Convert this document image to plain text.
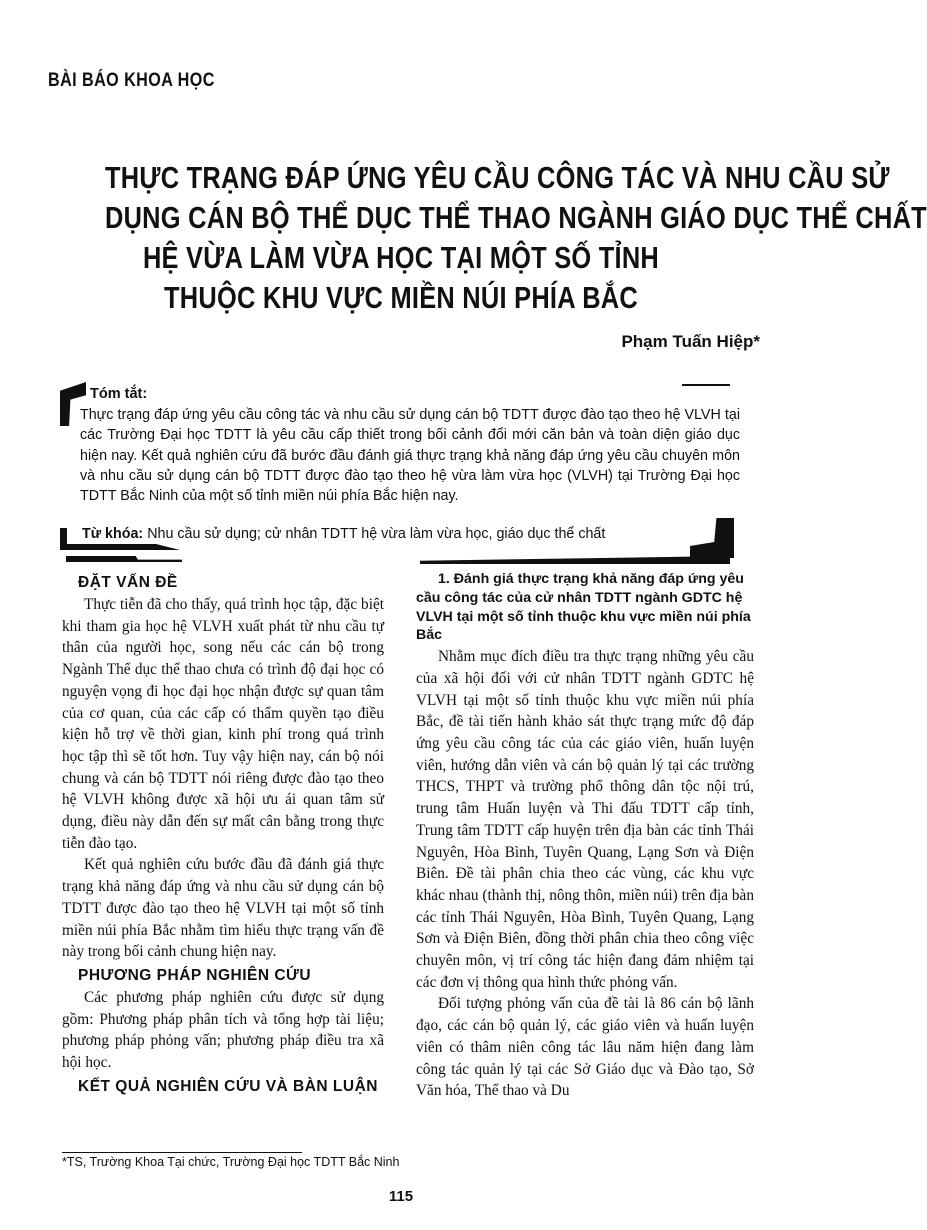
BÀI BÁO KHOA HỌC
THỰC TRẠNG ĐÁP ỨNG YÊU CẦU CÔNG TÁC VÀ NHU CẦU SỬ
DỤNG CÁN BỘ THỂ DỤC THỂ THAO NGÀNH GIÁO DỤC THỂ CHẤT
HỆ VỪA LÀM VỪA HỌC TẠI MỘT SỐ TỈNH
THUỘC KHU VỰC MIỀN NÚI PHÍA BẮC
Phạm Tuấn Hiệp*
Tóm tắt:
Thực trạng đáp ứng yêu cầu công tác và nhu cầu sử dụng cán bộ TDTT được đào tạo theo hệ VLVH tại các Trường Đại học TDTT là yêu cầu cấp thiết trong bối cảnh đổi mới căn bản và toàn diện giáo dục hiện nay. Kết quả nghiên cứu đã bước đầu đánh giá thực trạng khả năng đáp ứng yêu cầu chuyên môn và nhu cầu sử dụng cán bộ TDTT được đào tạo theo hệ vừa làm vừa học (VLVH) tại Trường Đại học TDTT Bắc Ninh của một số tỉnh miền núi phía Bắc hiện nay.
Từ khóa: Nhu cầu sử dụng; cử nhân TDTT hệ vừa làm vừa học, giáo dục thể chất
ĐẶT VẤN ĐỀ

Thực tiễn đã cho thấy, quá trình học tập, đặc biệt khi tham gia học hệ VLVH xuất phát từ nhu cầu tự thân của người học, song nếu các cán bộ trong Ngành Thể dục thể thao chưa có trình độ đại học có nguyện vọng đi học đại học nhận được sự quan tâm của cơ quan, của các cấp có thẩm quyền tạo điều kiện hỗ trợ về thời gian, kinh phí trong quá trình học tập thì sẽ tốt hơn. Tuy vậy hiện nay, cán bộ nói chung và cán bộ TDTT nói riêng được đào tạo theo hệ VLVH không được xã hội ưu ái quan tâm sử dụng, điều này dẫn đến sự mất cân bằng trong thực tiễn đào tạo.

Kết quả nghiên cứu bước đầu đã đánh giá thực trạng khả năng đáp ứng và nhu cầu sử dụng cán bộ TDTT được đào tạo theo hệ VLVH tại một số tỉnh miền núi phía Bắc nhằm tìm hiểu thực trạng vấn đề này trong bối cảnh chung hiện nay.

PHƯƠNG PHÁP NGHIÊN CỨU

Các phương pháp nghiên cứu được sử dụng gồm: Phương pháp phân tích và tổng hợp tài liệu; phương pháp phỏng vấn; phương pháp điều tra xã hội học.

KẾT QUẢ NGHIÊN CỨU VÀ BÀN LUẬN
1. Đánh giá thực trạng khả năng đáp ứng yêu cầu công tác của cử nhân TDTT ngành GDTC hệ VLVH tại một số tỉnh thuộc khu vực miền núi phía Bắc

Nhằm mục đích điều tra thực trạng những yêu cầu của xã hội đối với cử nhân TDTT ngành GDTC hệ VLVH tại một số tỉnh thuộc khu vực miền núi phía Bắc, đề tài tiến hành khảo sát thực trạng mức độ đáp ứng yêu cầu công tác của các giáo viên, huấn luyện viên, hướng dẫn viên và cán bộ quản lý tại các trường THCS, THPT và trường phổ thông dân tộc nội trú, trung tâm Huấn luyện và Thi đấu TDTT cấp tỉnh, Trung tâm TDTT cấp huyện trên địa bàn các tỉnh Thái Nguyên, Hòa Bình, Tuyên Quang, Lạng Sơn và Điện Biên. Đề tài phân chia theo các vùng, các khu vực khác nhau (thành thị, nông thôn, miền núi) trên địa bàn các tỉnh Thái Nguyên, Hòa Bình, Tuyên Quang, Lạng Sơn và Điện Biên, đồng thời phân chia theo công việc chuyên môn, vị trí công tác hiện đang đảm nhiệm tại các đơn vị thông qua hình thức phỏng vấn.

Đối tượng phỏng vấn của đề tài là 86 cán bộ lãnh đạo, các cán bộ quản lý, các giáo viên và huấn luyện viên có thâm niên công tác lâu năm hiện đang làm công tác quản lý tại các Sở Giáo dục và Đào tạo, Sở Văn hóa, Thể thao và Du

*TS, Trường Khoa Tại chức, Trường Đại học TDTT Bắc Ninh
115
